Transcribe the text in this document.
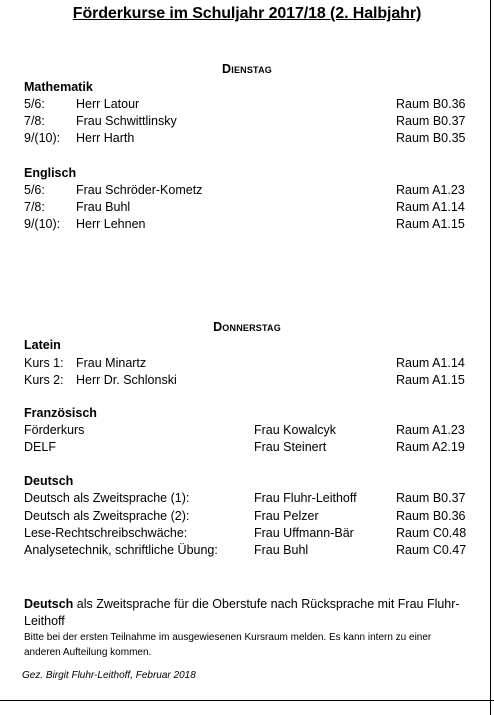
Förderkurse im Schuljahr 2017/18 (2. Halbjahr)
Dienstag
Mathematik
5/6: Herr Latour	Raum B0.36
7/8: Frau Schwittlinsky	Raum B0.37
9/(10): Herr Harth	Raum B0.35
Englisch
5/6: Frau Schröder-Kometz	Raum A1.23
7/8: Frau Buhl	Raum A1.14
9/(10): Herr Lehnen	Raum A1.15
Donnerstag
Latein
Kurs 1: Frau Minartz	Raum A1.14
Kurs 2: Herr Dr. Schlonski	Raum A1.15
Französisch
Förderkurs	Frau Kowalcyk	Raum A1.23
DELF	Frau Steinert	Raum A2.19
Deutsch
Deutsch als Zweitsprache (1):	Frau Fluhr-Leithoff	Raum B0.37
Deutsch als Zweitsprache (2):	Frau Pelzer	Raum B0.36
Lese-Rechtschreibschwäche:	Frau Uffmann-Bär	Raum C0.48
Analysetechnik, schriftliche Übung:	Frau Buhl	Raum C0.47
Deutsch als Zweitsprache für die Oberstufe nach Rücksprache mit Frau Fluhr-Leithoff
Bitte bei der ersten Teilnahme im ausgewiesenen Kursraum melden. Es kann intern zu einer anderen Aufteilung kommen.
Gez. Birgit Fluhr-Leithoff, Februar 2018
